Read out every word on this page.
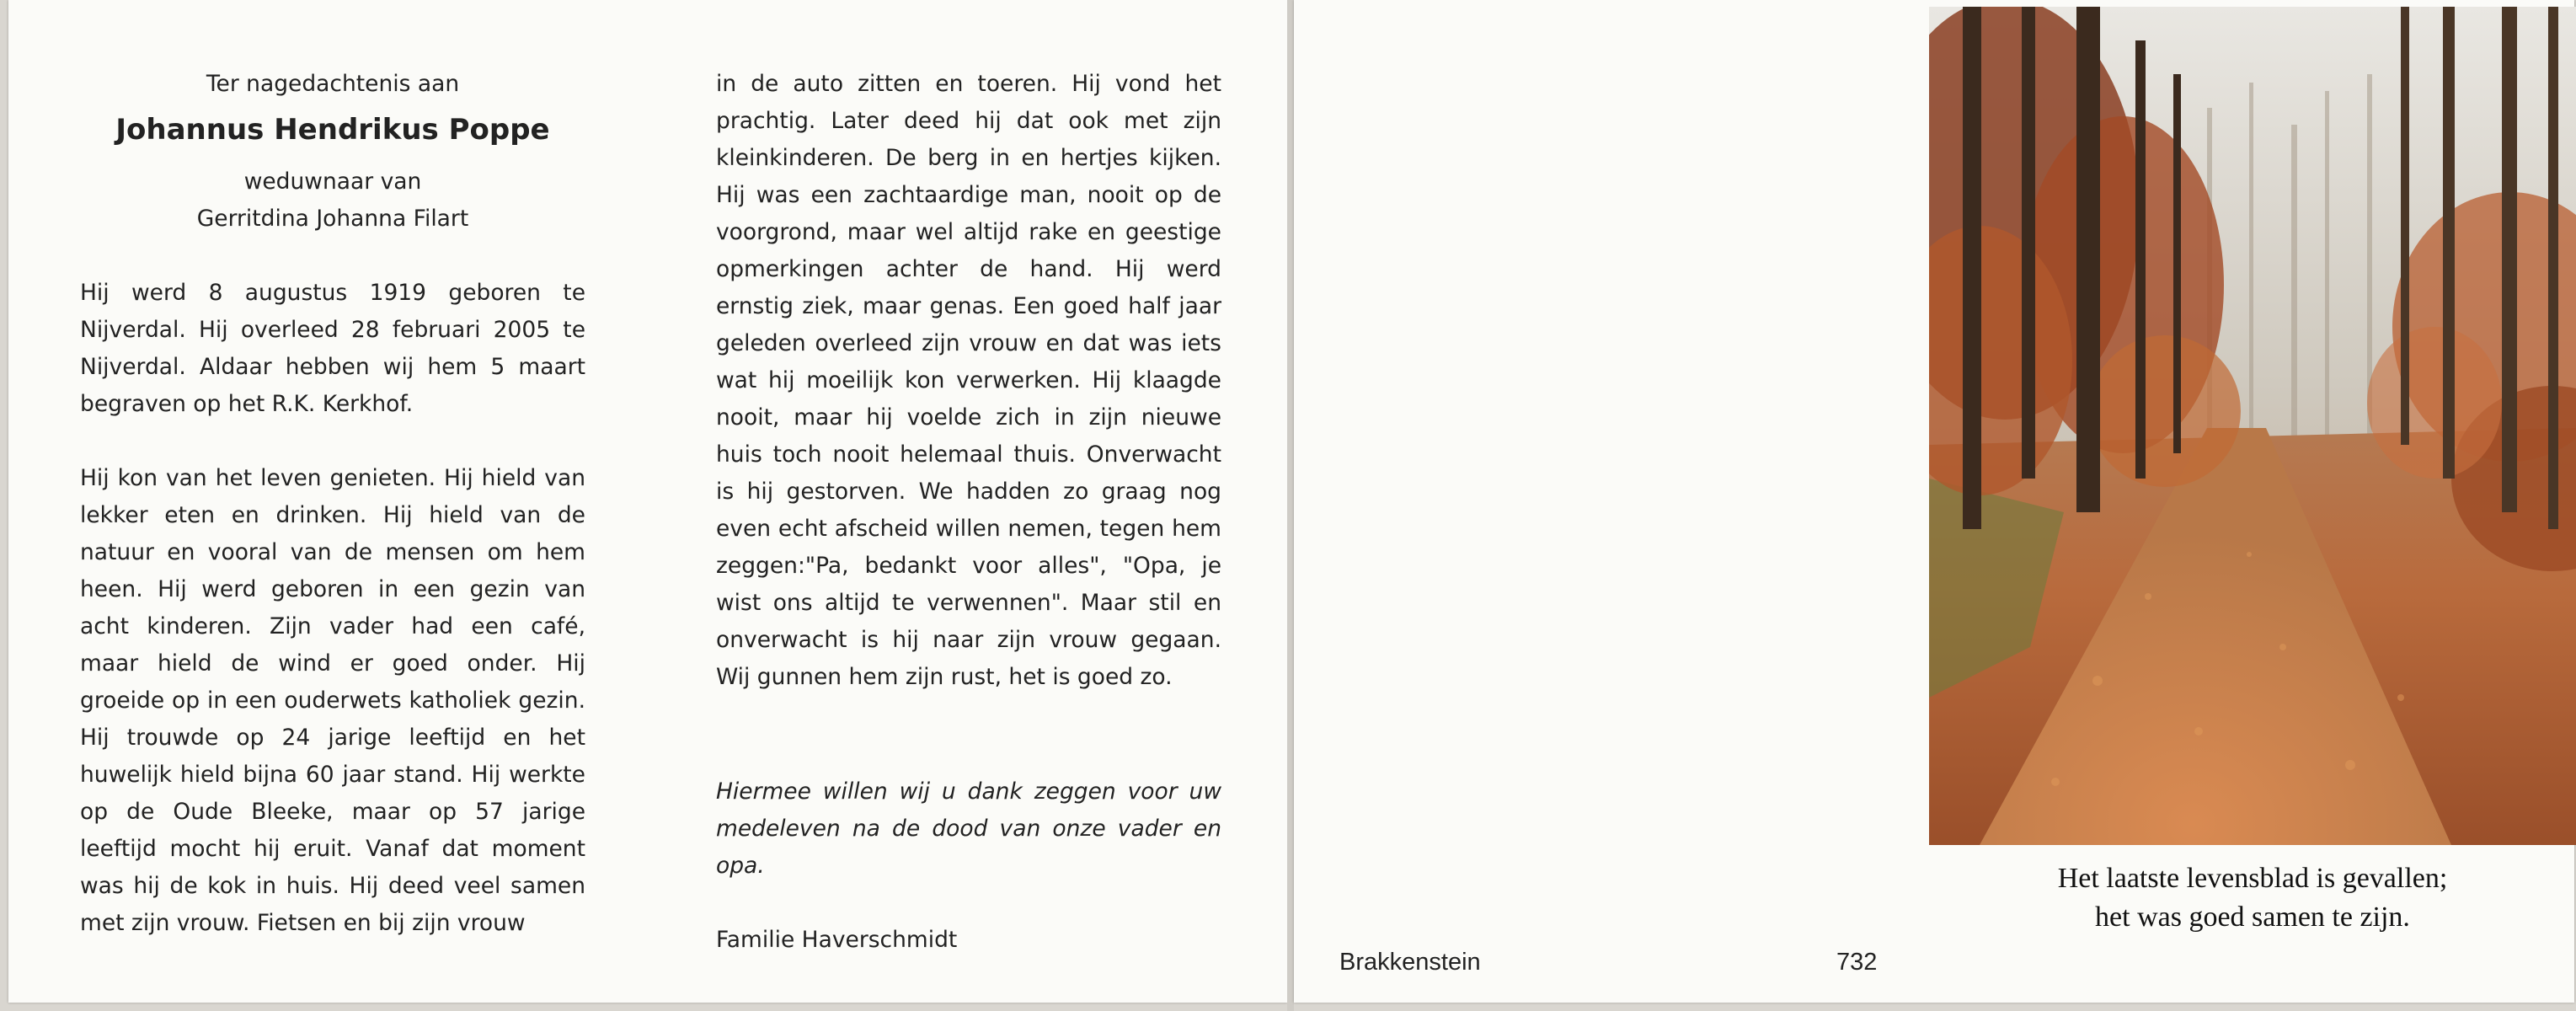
Ter nagedachtenis aan
Johannus Hendrikus Poppe
weduwnaar van
Gerritdina Johanna Filart

Hij werd 8 augustus 1919 geboren te Nijverdal. Hij overleed 28 februari 2005 te Nijverdal. Aldaar hebben wij hem 5 maart begraven op het R.K. Kerkhof.

Hij kon van het leven genieten. Hij hield van lekker eten en drinken. Hij hield van de natuur en vooral van de mensen om hem heen. Hij werd geboren in een gezin van acht kinderen. Zijn vader had een café, maar hield de wind er goed onder. Hij groeide op in een ouderwets katholiek gezin. Hij trouwde op 24 jarige leeftijd en het huwelijk hield bijna 60 jaar stand. Hij werkte op de Oude Bleeke, maar op 57 jarige leeftijd mocht hij eruit. Vanaf dat moment was hij de kok in huis. Hij deed veel samen met zijn vrouw. Fietsen en bij zijn vrouw

in de auto zitten en toeren. Hij vond het prachtig. Later deed hij dat ook met zijn kleinkinderen. De berg in en hertjes kijken. Hij was een zachtaardige man, nooit op de voorgrond, maar wel altijd rake en geestige opmerkingen achter de hand. Hij werd ernstig ziek, maar genas. Een goed half jaar geleden overleed zijn vrouw en dat was iets wat hij moeilijk kon verwerken. Hij klaagde nooit, maar hij voelde zich in zijn nieuwe huis toch nooit helemaal thuis. Onverwacht is hij gestorven. We hadden zo graag nog even echt afscheid willen nemen, tegen hem zeggen:"Pa, bedankt voor alles", "Opa, je wist ons altijd te verwennen". Maar stil en onverwacht is hij naar zijn vrouw gegaan. Wij gunnen hem zijn rust, het is goed zo.

Hiermee willen wij u dank zeggen voor uw medeleven na de dood van onze vader en opa.

Familie Haverschmidt

Het laatste levensblad is gevallen;
het was goed samen te zijn.
Brakkenstein	732
